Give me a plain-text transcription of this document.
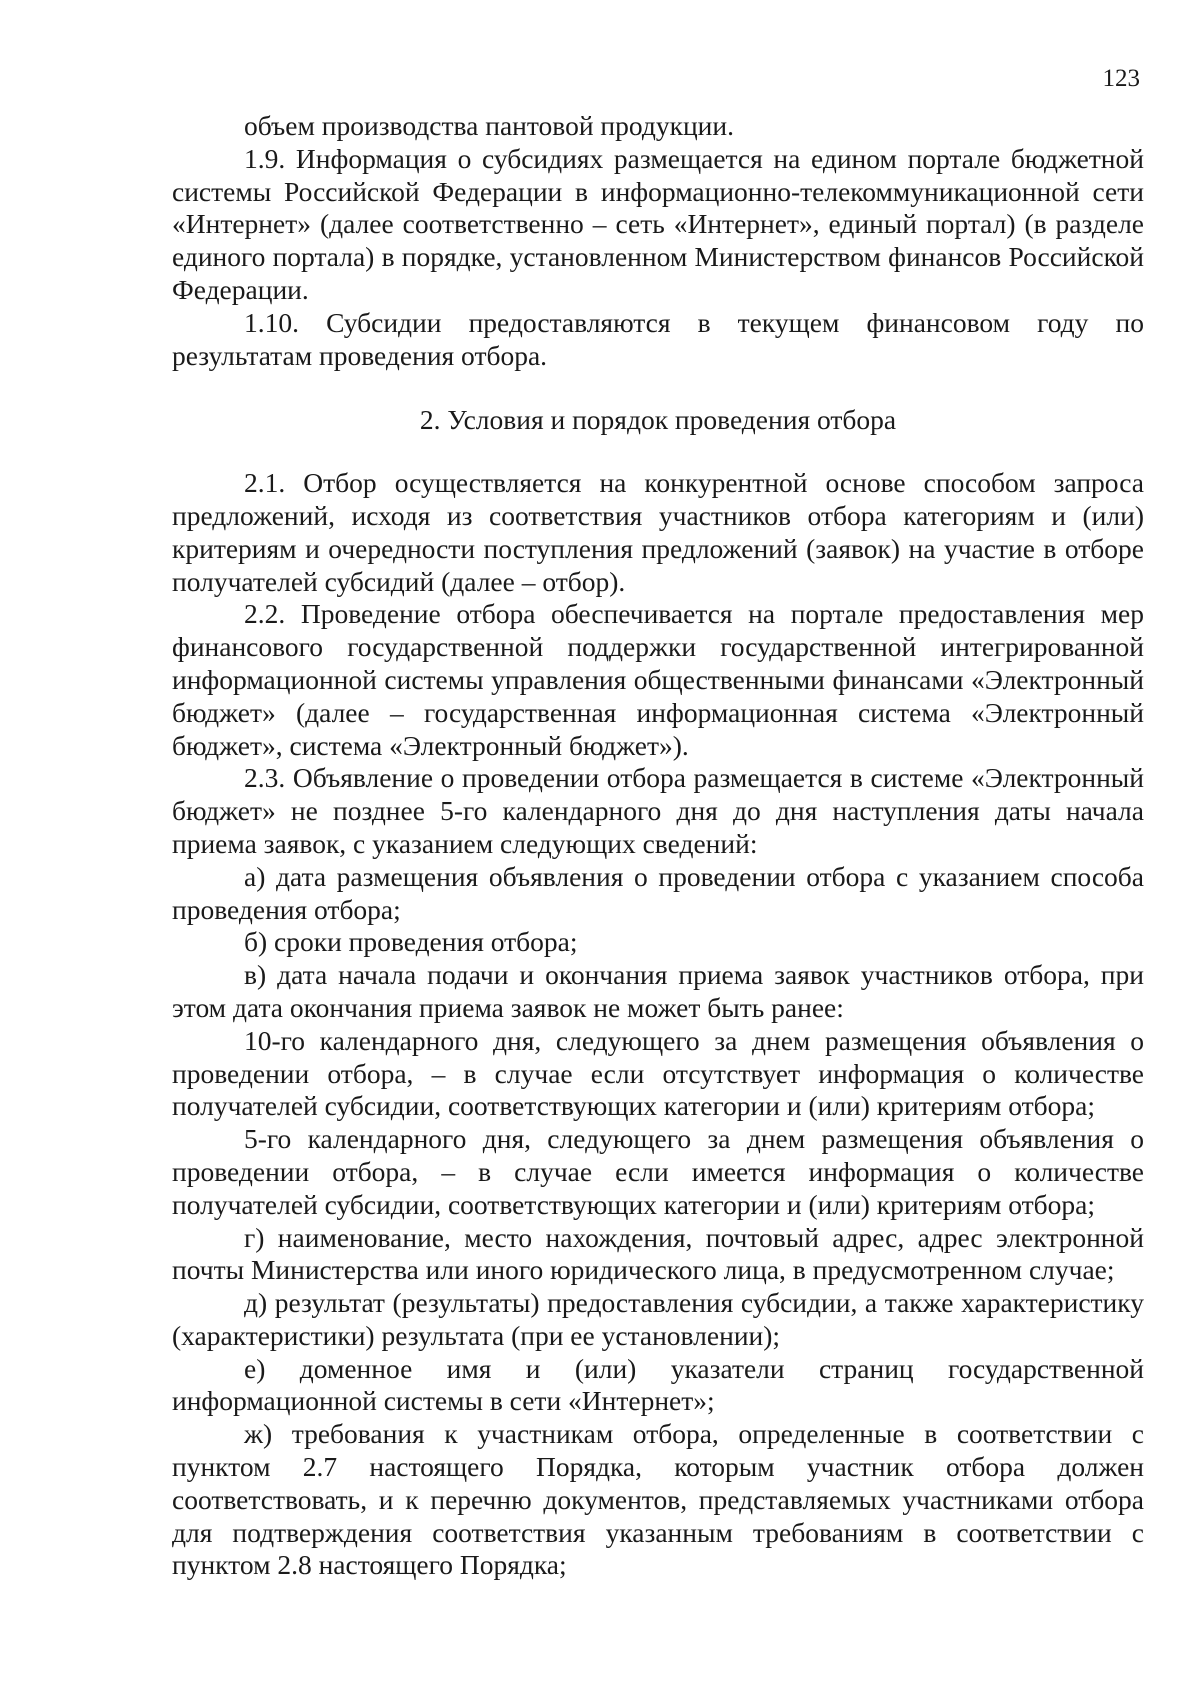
123

объем производства пантовой продукции.

1.9. Информация о субсидиях размещается на едином портале бюджетной системы Российской Федерации в информационно-телекоммуникационной сети «Интернет» (далее соответственно – сеть «Интернет», единый портал) (в разделе единого портала) в порядке, установленном Министерством финансов Российской Федерации.

1.10. Субсидии предоставляются в текущем финансовом году по результатам проведения отбора.

2. Условия и порядок проведения отбора

2.1. Отбор осуществляется на конкурентной основе способом запроса предложений, исходя из соответствия участников отбора категориям и (или) критериям и очередности поступления предложений (заявок) на участие в отборе получателей субсидий (далее – отбор).

2.2. Проведение отбора обеспечивается на портале предоставления мер финансового государственной поддержки государственной интегрированной информационной системы управления общественными финансами «Электронный бюджет» (далее – государственная информационная система «Электронный бюджет», система «Электронный бюджет»).

2.3. Объявление о проведении отбора размещается в системе «Электронный бюджет» не позднее 5-го календарного дня до дня наступления даты начала приема заявок, с указанием следующих сведений:

а) дата размещения объявления о проведении отбора с указанием способа проведения отбора;

б) сроки проведения отбора;

в) дата начала подачи и окончания приема заявок участников отбора, при этом дата окончания приема заявок не может быть ранее:

10-го календарного дня, следующего за днем размещения объявления о проведении отбора, – в случае если отсутствует информация о количестве получателей субсидии, соответствующих категории и (или) критериям отбора;

5-го календарного дня, следующего за днем размещения объявления о проведении отбора, – в случае если имеется информация о количестве получателей субсидии, соответствующих категории и (или) критериям отбора;

г) наименование, место нахождения, почтовый адрес, адрес электронной почты Министерства или иного юридического лица, в предусмотренном случае;

д) результат (результаты) предоставления субсидии, а также характеристику (характеристики) результата (при ее установлении);

е) доменное имя и (или) указатели страниц государственной информационной системы в сети «Интернет»;

ж) требования к участникам отбора, определенные в соответствии с пунктом 2.7 настоящего Порядка, которым участник отбора должен соответствовать, и к перечню документов, представляемых участниками отбора для подтверждения соответствия указанным требованиям в соответствии с пунктом 2.8 настоящего Порядка;
